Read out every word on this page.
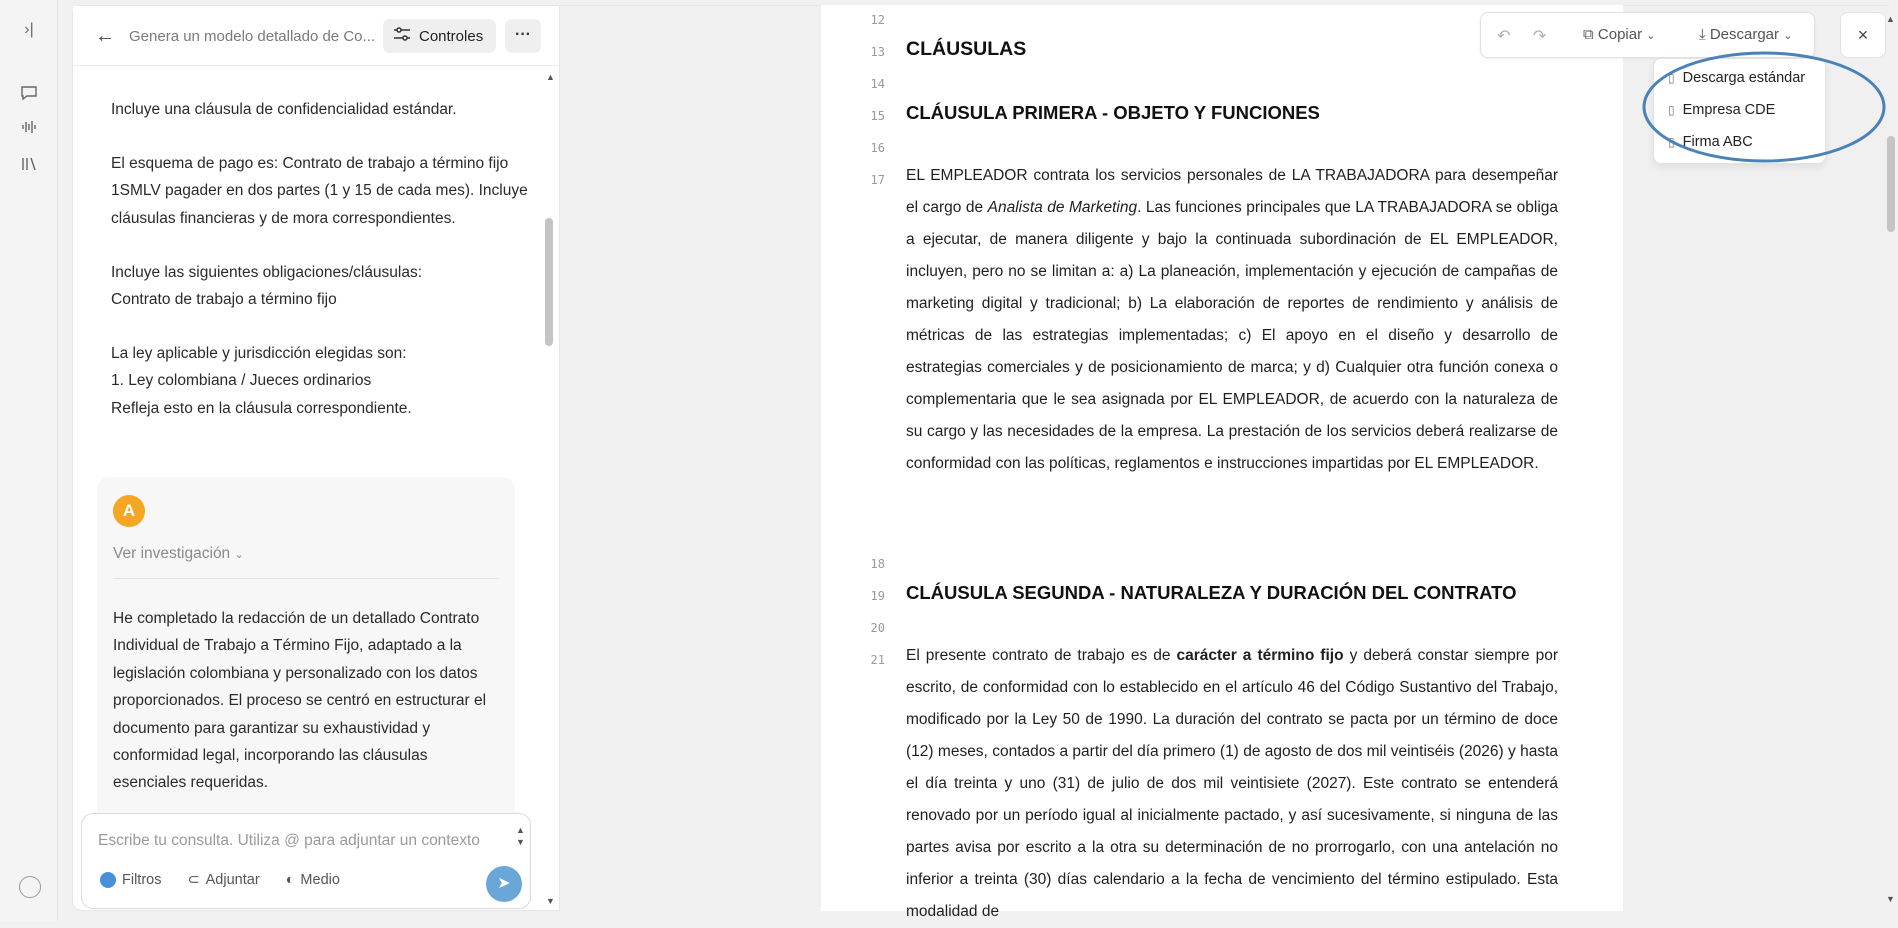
›|	← Genera un modelo detallado de Co...	Controles	···
▲
▼

Incluye una cláusula de confidencialidad estándar.

El esquema de pago es: Contrato de trabajo a término fijo 1SMLV pagader en dos partes (1 y 15 de cada mes). Incluye cláusulas financieras y de mora correspondientes.

Incluye las siguientes obligaciones/cláusulas:
Contrato de trabajo a término fijo

La ley aplicable y jurisdicción elegidas son:
1. Ley colombiana / Jueces ordinarios
Refleja esto en la cláusula correspondiente.

A
Ver investigación ⌄
He completado la redacción de un detallado Contrato Individual de Trabajo a Término Fijo, adaptado a la legislación colombiana y personalizado con los datos proporcionados. El proceso se centró en estructurar el documento para garantizar su exhaustividad y conformidad legal, incorporando las cláusulas esenciales requeridas.
Escribe tu consulta. Utiliza @ para adjuntar un contexto
▲
▼
Filtros ⊂ Adjuntar ◐ Medio	➤
12
13 CLÁUSULAS
14
15 CLÁUSULA PRIMERA - OBJETO Y FUNCIONES
16
17 EL EMPLEADOR contrata los servicios personales de LA TRABAJADORA para desempeñar el cargo de Analista de Marketing. Las funciones principales que LA TRABAJADORA se obliga a ejecutar, de manera diligente y bajo la continuada subordinación de EL EMPLEADOR, incluyen, pero no se limitan a: a) La planeación, implementación y ejecución de campañas de marketing digital y tradicional; b) La elaboración de reportes de rendimiento y análisis de métricas de las estrategias implementadas; c) El apoyo en el diseño y desarrollo de estrategias comerciales y de posicionamiento de marca; y d) Cualquier otra función conexa o complementaria que le sea asignada por EL EMPLEADOR, de acuerdo con la naturaleza de su cargo y las necesidades de la empresa. La prestación de los servicios deberá realizarse de conformidad con las políticas, reglamentos e instrucciones impartidas por EL EMPLEADOR.
18
19 CLÁUSULA SEGUNDA - NATURALEZA Y DURACIÓN DEL CONTRATO
20
21 El presente contrato de trabajo es de carácter a término fijo y deberá constar siempre por escrito, de conformidad con lo establecido en el artículo 46 del Código Sustantivo del Trabajo, modificado por la Ley 50 de 1990. La duración del contrato se pacta por un término de doce (12) meses, contados a partir del día primero (1) de agosto de dos mil veintiséis (2026) y hasta el día treinta y uno (31) de julio de dos mil veintisiete (2027). Este contrato se entenderá renovado por un período igual al inicialmente pactado, y así sucesivamente, si ninguna de las partes avisa por escrito a la otra su determinación de no prorrogarlo, con una antelación no inferior a treinta (30) días calendario a la fecha de vencimiento del término estipulado. Esta modalidad de
↶ ↷ ⧉ Copiar ⌄	⤓ Descargar ⌄	×
▯ Descarga estándar
▯ Empresa CDE
▯ Firma ABC
▲
▼
